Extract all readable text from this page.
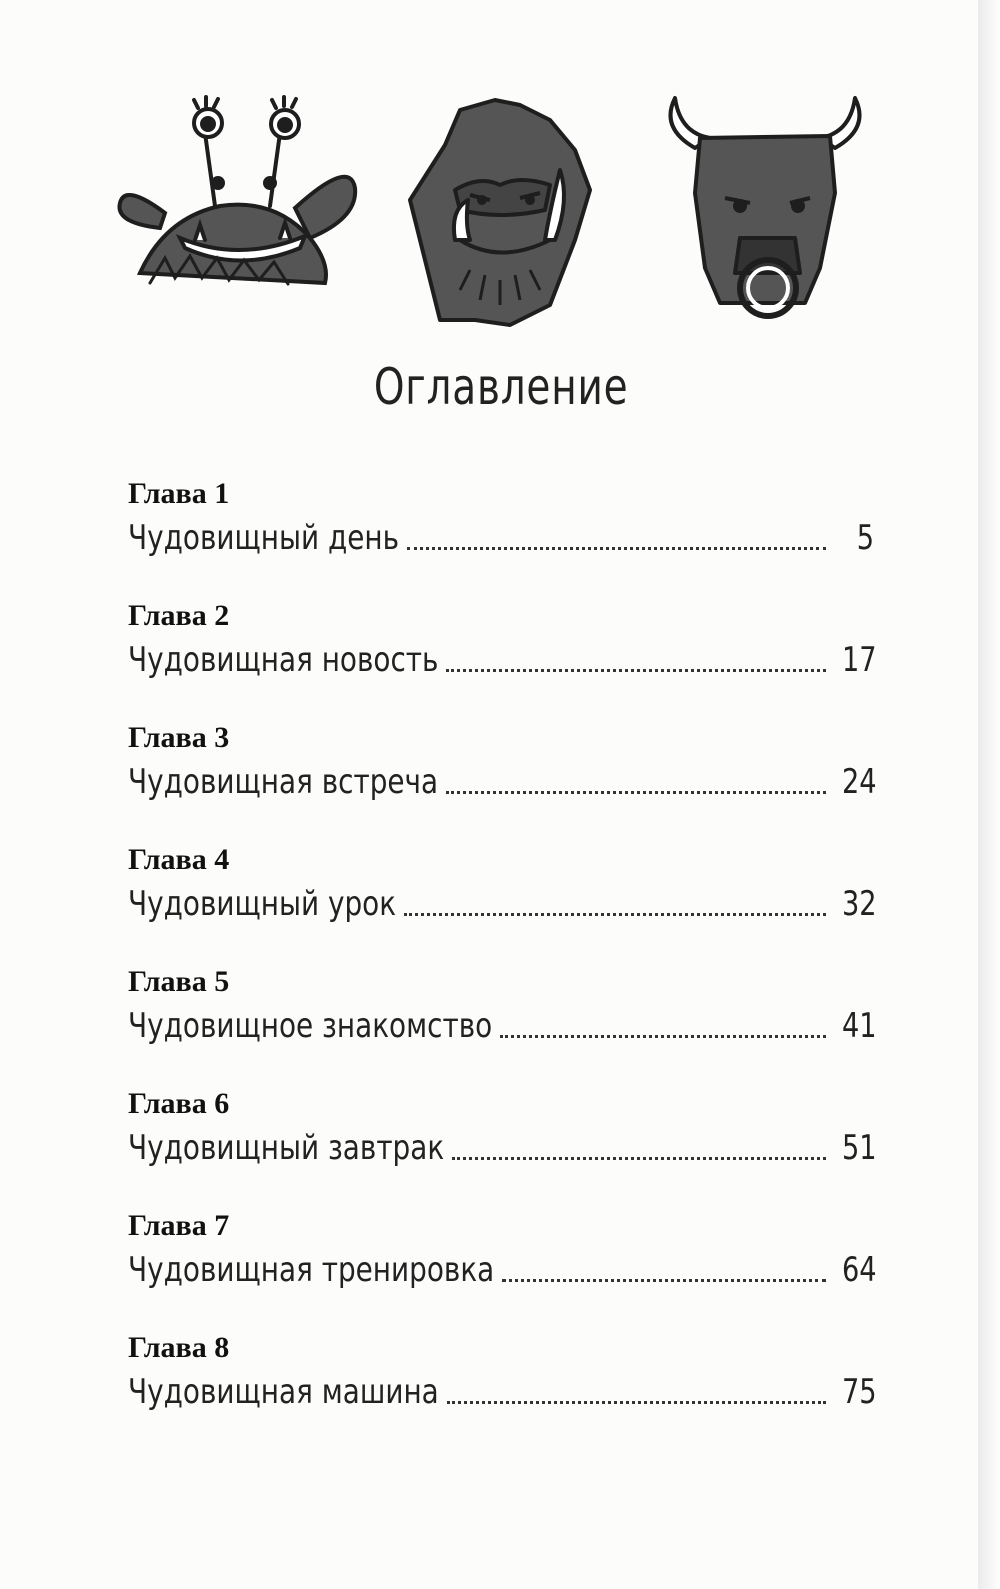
Оглавление
Глава 1
Чудовищный день	5
Глава 2
Чудовищная новость	17
Глава 3
Чудовищная встреча	24
Глава 4
Чудовищный урок	32
Глава 5
Чудовищное знакомство	41
Глава 6
Чудовищный завтрак	51
Глава 7
Чудовищная тренировка	64
Глава 8
Чудовищная машина	75
